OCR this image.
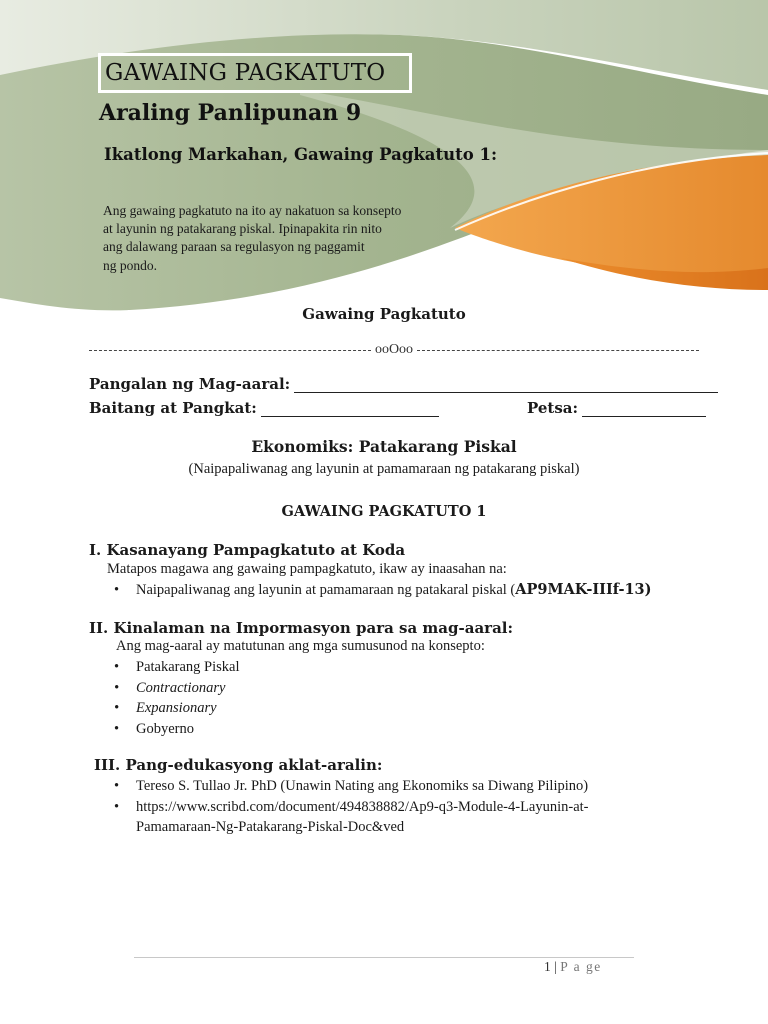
GAWAING PAGKATUTO
Araling Panlipunan 9
Ikatlong Markahan, Gawaing Pagkatuto 1:
Ang gawaing pagkatuto na ito ay nakatuon sa konsepto
at layunin ng patakarang piskal. Ipinapakita rin nito
ang dalawang paraan sa regulasyon ng paggamit
ng pondo.
Gawaing Pagkatuto
ooOoo
Pangalan ng Mag-aaral:
Baitang at Pangkat:	Petsa:
Ekonomiks: Patakarang Piskal
(Naipapaliwanag ang layunin at pamamaraan ng patakarang piskal)
GAWAING PAGKATUTO 1
I. Kasanayang Pampagkatuto at Koda
Matapos magawa ang gawaing pampagkatuto, ikaw ay inaasahan na:
• Naipapaliwanag ang layunin at pamamaraan ng patakaral piskal (AP9MAK-IIIf-13)
II. Kinalaman na Impormasyon para sa mag-aaral:
Ang mag-aaral ay matutunan ang mga sumusunod na konsepto:
• Patakarang Piskal
• Contractionary
• Expansionary
• Gobyerno
III. Pang-edukasyong aklat-aralin:
• Tereso S. Tullao Jr. PhD (Unawin Nating ang Ekonomiks sa Diwang Pilipino)
• https://www.scribd.com/document/494838882/Ap9-q3-Module-4-Layunin-at-
Pamamaraan-Ng-Patakarang-Piskal-Doc&ved
1 | P a ge
